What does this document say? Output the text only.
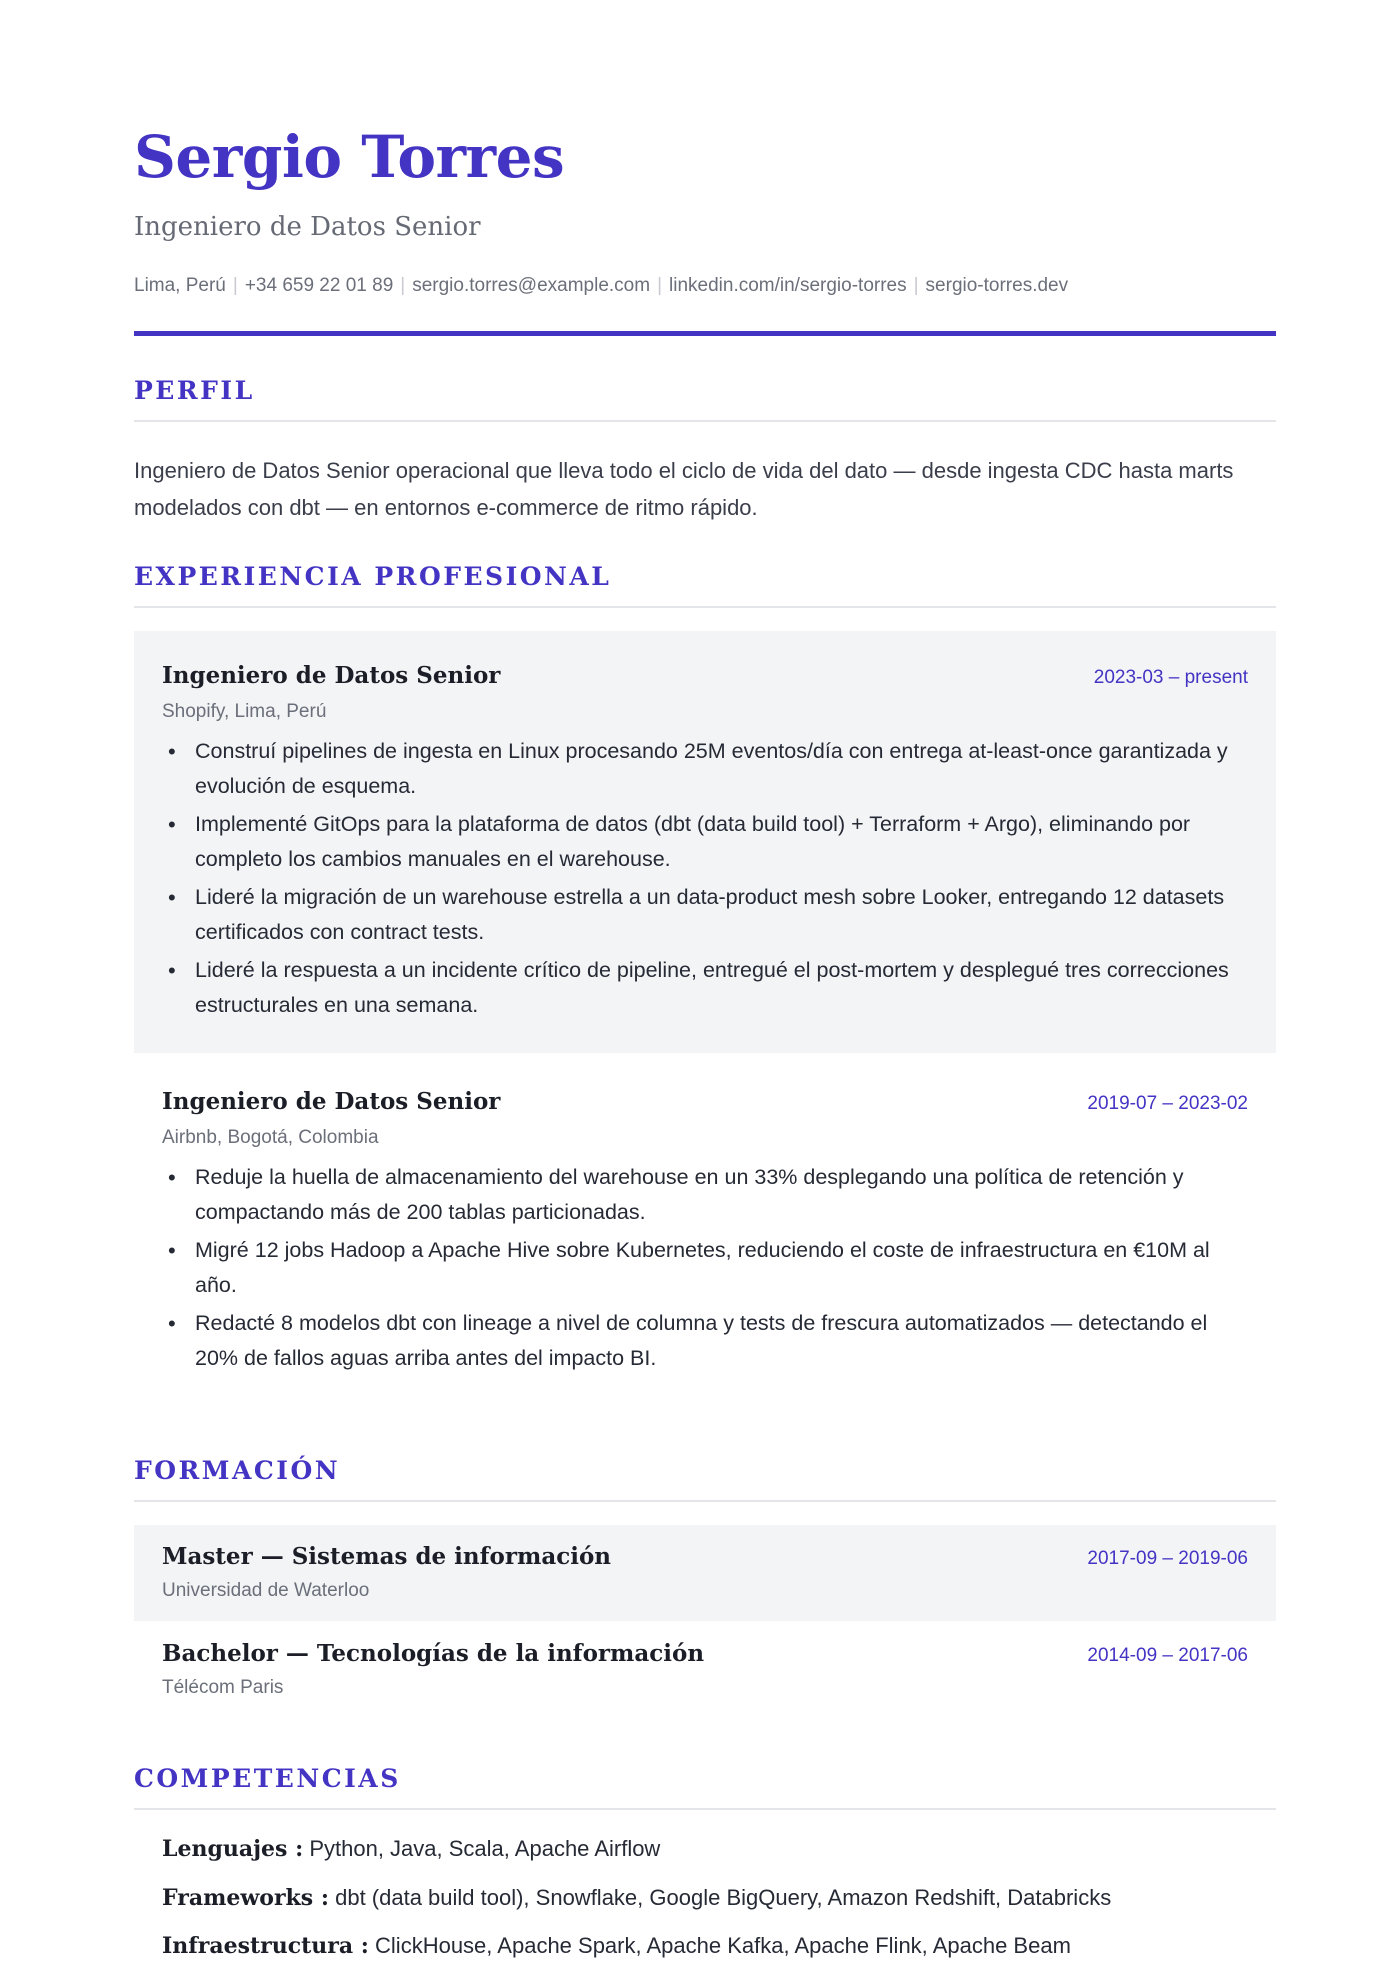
Sergio Torres
Ingeniero de Datos Senior
Lima, Perú | +34 659 22 01 89 | sergio.torres@example.com | linkedin.com/in/sergio-torres | sergio-torres.dev
PERFIL

Ingeniero de Datos Senior operacional que lleva todo el ciclo de vida del dato — desde ingesta CDC hasta marts modelados con dbt — en entornos e-commerce de ritmo rápido.

EXPERIENCIA PROFESIONAL
Ingeniero de Datos Senior	2023-03 – present
Shopify, Lima, Perú
• Construí pipelines de ingesta en Linux procesando 25M eventos/día con entrega at-least-once garantizada y evolución de esquema.
• Implementé GitOps para la plataforma de datos (dbt (data build tool) + Terraform + Argo), eliminando por completo los cambios manuales en el warehouse.
• Lideré la migración de un warehouse estrella a un data-product mesh sobre Looker, entregando 12 datasets certificados con contract tests.
• Lideré la respuesta a un incidente crítico de pipeline, entregué el post-mortem y desplegué tres correcciones estructurales en una semana.
Ingeniero de Datos Senior	2019-07 – 2023-02
Airbnb, Bogotá, Colombia
• Reduje la huella de almacenamiento del warehouse en un 33% desplegando una política de retención y compactando más de 200 tablas particionadas.
• Migré 12 jobs Hadoop a Apache Hive sobre Kubernetes, reduciendo el coste de infraestructura en €10M al año.
• Redacté 8 modelos dbt con lineage a nivel de columna y tests de frescura automatizados — detectando el 20% de fallos aguas arriba antes del impacto BI.
FORMACIÓN
Master — Sistemas de información	2017-09 – 2019-06
Universidad de Waterloo
Bachelor — Tecnologías de la información	2014-09 – 2017-06
Télécom Paris
COMPETENCIAS
Lenguajes : Python, Java, Scala, Apache Airflow
Frameworks : dbt (data build tool), Snowflake, Google BigQuery, Amazon Redshift, Databricks
Infraestructura : ClickHouse, Apache Spark, Apache Kafka, Apache Flink, Apache Beam
